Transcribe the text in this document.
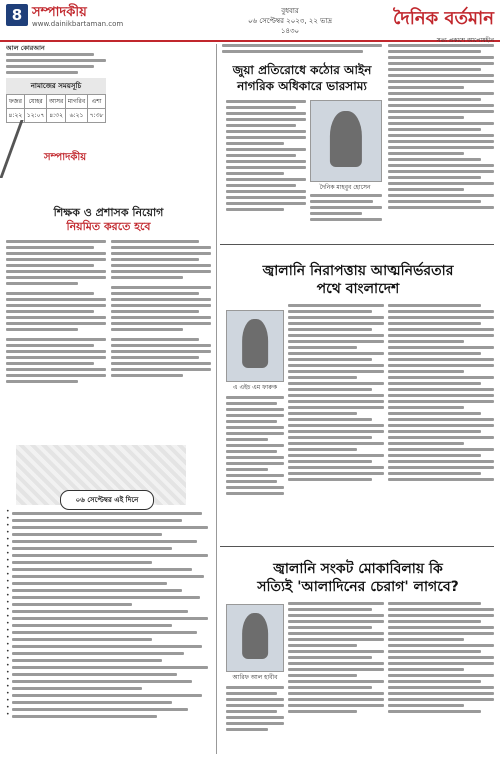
8 সম্পাদকীয়
www.dainikbartaman.com
বুধবার
০৬ সেপ্টেম্বর ২০২৩, ২২ ভাদ্র ১৪৩০
দৈনিক বর্তমান
সত্য প্রকাশে আপোষহীন
আল কোরআন
নামাজের সময়সূচি
ফজর	যোহর	আসর	মাগরিব	এশা
৪:২২	১২:০৭	৪:৩২	৬:২১	৭:৩৮
সম্পাদকীয়
শিক্ষক ও প্রশাসক নিয়োগ
নিয়মিত করতে হবে
০৬ সেপ্টেম্বর এই দিনে
•
•
•
•
•
•
•
•
•
•
•
•
•
•
•
•
•
•
•
•
•
•
•
•
•
•
•
•
•
•
জুয়া প্রতিরোধে কঠোর আইন
নাগরিক অধিকারে ভারসাম্য
দৈনিক মাহবুব হোসেন
জ্বালানি নিরাপত্তায় আত্মনির্ভরতার
পথে বাংলাদেশ
এ এইচ এম ফারুক
জ্বালানি সংকট মোকাবিলায় কি
সত্যিই 'আলাদিনের চেরাগ' লাগবে?
আরিফ আল হাবীব
